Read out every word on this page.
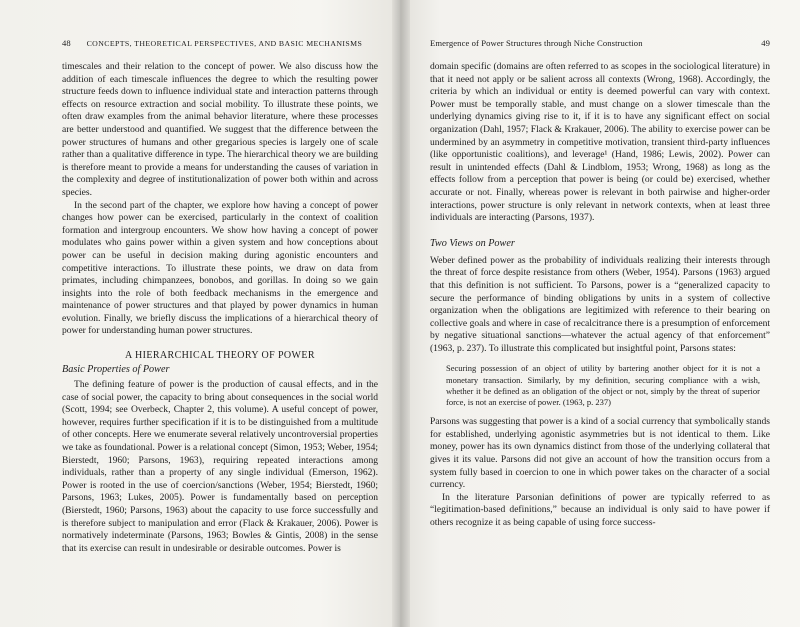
48 CONCEPTS, THEORETICAL PERSPECTIVES, AND BASIC MECHANISMS

timescales and their relation to the concept of power. We also discuss how the addition of each timescale influences the degree to which the resulting power structure feeds down to influence individual state and interaction patterns through effects on resource extraction and social mobility. To illustrate these points, we often draw examples from the animal behavior literature, where these processes are better understood and quantified. We suggest that the difference between the power structures of humans and other gregarious species is largely one of scale rather than a qualitative difference in type. The hierarchical theory we are building is therefore meant to provide a means for understanding the causes of variation in the complexity and degree of institutionalization of power both within and across species.

In the second part of the chapter, we explore how having a concept of power changes how power can be exercised, particularly in the context of coalition formation and intergroup encounters. We show how having a concept of power modulates who gains power within a given system and how conceptions about power can be useful in decision making during agonistic encounters and competitive interactions. To illustrate these points, we draw on data from primates, including chimpanzees, bonobos, and gorillas. In doing so we gain insights into the role of both feedback mechanisms in the emergence and maintenance of power structures and that played by power dynamics in human evolution. Finally, we briefly discuss the implications of a hierarchical theory of power for understanding human power structures.

A HIERARCHICAL THEORY OF POWER
Basic Properties of Power

The defining feature of power is the production of causal effects, and in the case of social power, the capacity to bring about consequences in the social world (Scott, 1994; see Overbeck, Chapter 2, this volume). A useful concept of power, however, requires further specification if it is to be distinguished from a multitude of other concepts. Here we enumerate several relatively uncontroversial properties we take as foundational. Power is a relational concept (Simon, 1953; Weber, 1954; Bierstedt, 1960; Parsons, 1963), requiring repeated interactions among individuals, rather than a property of any single individual (Emerson, 1962). Power is rooted in the use of coercion/sanctions (Weber, 1954; Bierstedt, 1960; Parsons, 1963; Lukes, 2005). Power is fundamentally based on perception (Bierstedt, 1960; Parsons, 1963) about the capacity to use force successfully and is therefore subject to manipulation and error (Flack & Krakauer, 2006). Power is normatively indeterminate (Parsons, 1963; Bowles & Gintis, 2008) in the sense that its exercise can result in undesirable or desirable outcomes. Power is

Emergence of Power Structures through Niche Construction	49

domain specific (domains are often referred to as scopes in the sociological literature) in that it need not apply or be salient across all contexts (Wrong, 1968). Accordingly, the criteria by which an individual or entity is deemed powerful can vary with context. Power must be temporally stable, and must change on a slower timescale than the underlying dynamics giving rise to it, if it is to have any significant effect on social organization (Dahl, 1957; Flack & Krakauer, 2006). The ability to exercise power can be undermined by an asymmetry in competitive motivation, transient third-party influences (like opportunistic coalitions), and leverage¹ (Hand, 1986; Lewis, 2002). Power can result in unintended effects (Dahl & Lindblom, 1953; Wrong, 1968) as long as the effects follow from a perception that power is being (or could be) exercised, whether accurate or not. Finally, whereas power is relevant in both pairwise and higher-order interactions, power structure is only relevant in network contexts, when at least three individuals are interacting (Parsons, 1937).

Two Views on Power

Weber defined power as the probability of individuals realizing their interests through the threat of force despite resistance from others (Weber, 1954). Parsons (1963) argued that this definition is not sufficient. To Parsons, power is a “generalized capacity to secure the performance of binding obligations by units in a system of collective organization when the obligations are legitimized with reference to their bearing on collective goals and where in case of recalcitrance there is a presumption of enforcement by negative situational sanctions—whatever the actual agency of that enforcement” (1963, p. 237). To illustrate this complicated but insightful point, Parsons states:

Securing possession of an object of utility by bartering another object for it is not a monetary transaction. Similarly, by my definition, securing compliance with a wish, whether it be defined as an obligation of the object or not, simply by the threat of superior force, is not an exercise of power. (1963, p. 237)

Parsons was suggesting that power is a kind of a social currency that symbolically stands for established, underlying agonistic asymmetries but is not identical to them. Like money, power has its own dynamics distinct from those of the underlying collateral that gives it its value. Parsons did not give an account of how the transition occurs from a system fully based in coercion to one in which power takes on the character of a social currency.

In the literature Parsonian definitions of power are typically referred to as “legitimation-based definitions,” because an individual is only said to have power if others recognize it as being capable of using force success-
